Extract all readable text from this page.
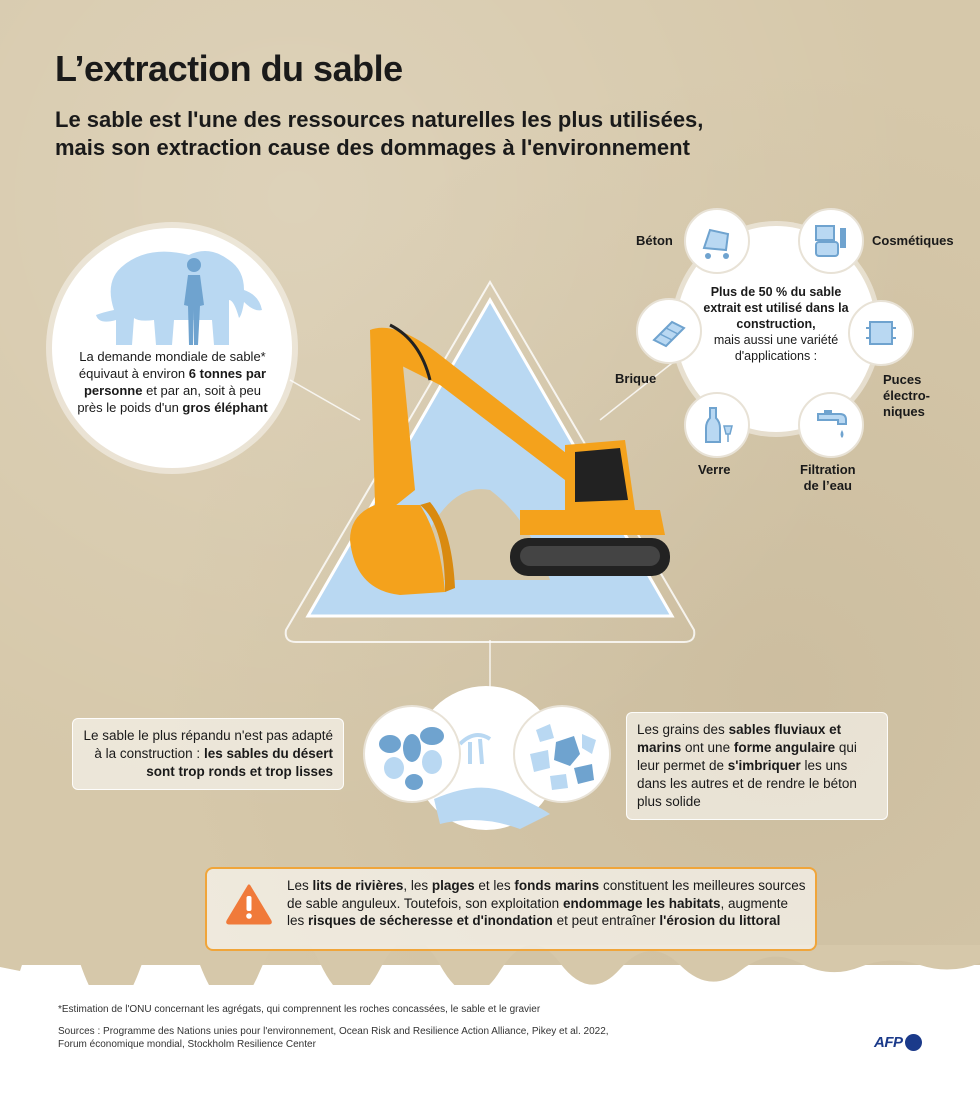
L’extraction du sable

Le sable est l'une des ressources naturelles les plus utilisées,
mais son extraction cause des dommages à l'environnement

La demande mondiale de sable* équivaut à environ 6 tonnes par personne et par an, soit à peu près le poids d'un gros éléphant
Plus de 50 % du sable extrait est utilisé dans la construction,
mais aussi une variété d'applications :
Béton	Cosmétiques
Brique	Puces
électro-
niques
Verre	Filtration
de l’eau
Le sable le plus répandu n'est pas adapté à la construction : les sables du désert sont trop ronds et trop lisses
Les grains des sables fluviaux et marins ont une forme angulaire qui leur permet de s'imbriquer les uns dans les autres et de rendre le béton plus solide
Les lits de rivières, les plages et les fonds marins constituent les meilleures sources de sable anguleux. Toutefois, son exploitation endommage les habitats, augmente les risques de sécheresse et d'inondation et peut entraîner l'érosion du littoral
*Estimation de l'ONU concernant les agrégats, qui comprennent les roches concassées, le sable et le gravier
Sources : Programme des Nations unies pour l'environnement, Ocean Risk and Resilience Action Alliance, Pikey et al. 2022,
Forum économique mondial, Stockholm Resilience Center	AFP
